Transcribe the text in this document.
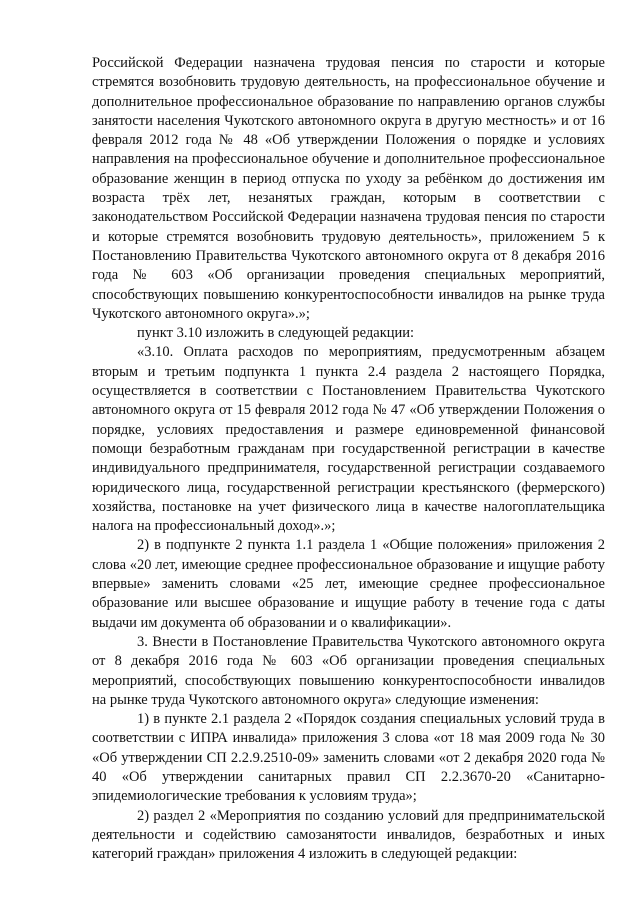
Российской Федерации назначена трудовая пенсия по старости и которые стремятся возобновить трудовую деятельность, на профессиональное обучение и дополнительное профессиональное образование по направлению органов службы занятости населения Чукотского автономного округа в другую местность» и от 16 февраля 2012 года № 48 «Об утверждении Положения о порядке и условиях направления на профессиональное обучение и дополнительное профессиональное образование женщин в период отпуска по уходу за ребёнком до достижения им возраста трёх лет, незанятых граждан, которым в соответствии с законодательством Российской Федерации назначена трудовая пенсия по старости и которые стремятся возобновить трудовую деятельность», приложением 5 к Постановлению Правительства Чукотского автономного округа от 8 декабря 2016 года № 603 «Об организации проведения специальных мероприятий, способствующих повышению конкурентоспособности инвалидов на рынке труда Чукотского автономного округа».»;

пункт 3.10 изложить в следующей редакции:

«3.10. Оплата расходов по мероприятиям, предусмотренным абзацем вторым и третьим подпункта 1 пункта 2.4 раздела 2 настоящего Порядка, осуществляется в соответствии с Постановлением Правительства Чукотского автономного округа от 15 февраля 2012 года № 47 «Об утверждении Положения о порядке, условиях предоставления и размере единовременной финансовой помощи безработным гражданам при государственной регистрации в качестве индивидуального предпринимателя, государственной регистрации создаваемого юридического лица, государственной регистрации крестьянского (фермерского) хозяйства, постановке на учет физического лица в качестве налогоплательщика налога на профессиональный доход».»;

2) в подпункте 2 пункта 1.1 раздела 1 «Общие положения» приложения 2 слова «20 лет, имеющие среднее профессиональное образование и ищущие работу впервые» заменить словами «25 лет, имеющие среднее профессиональное образование или высшее образование и ищущие работу в течение года с даты выдачи им документа об образовании и о квалификации».

3. Внести в Постановление Правительства Чукотского автономного округа от 8 декабря 2016 года № 603 «Об организации проведения специальных мероприятий, способствующих повышению конкурентоспособности инвалидов на рынке труда Чукотского автономного округа» следующие изменения:

1) в пункте 2.1 раздела 2 «Порядок создания специальных условий труда в соответствии с ИПРА инвалида» приложения 3 слова «от 18 мая 2009 года № 30 «Об утверждении СП 2.2.9.2510-09» заменить словами «от 2 декабря 2020 года № 40 «Об утверждении санитарных правил СП 2.2.3670-20 «Санитарно-эпидемиологические требования к условиям труда»;

2) раздел 2 «Мероприятия по созданию условий для предпринимательской деятельности и содействию самозанятости инвалидов, безработных и иных категорий граждан» приложения 4 изложить в следующей редакции:
